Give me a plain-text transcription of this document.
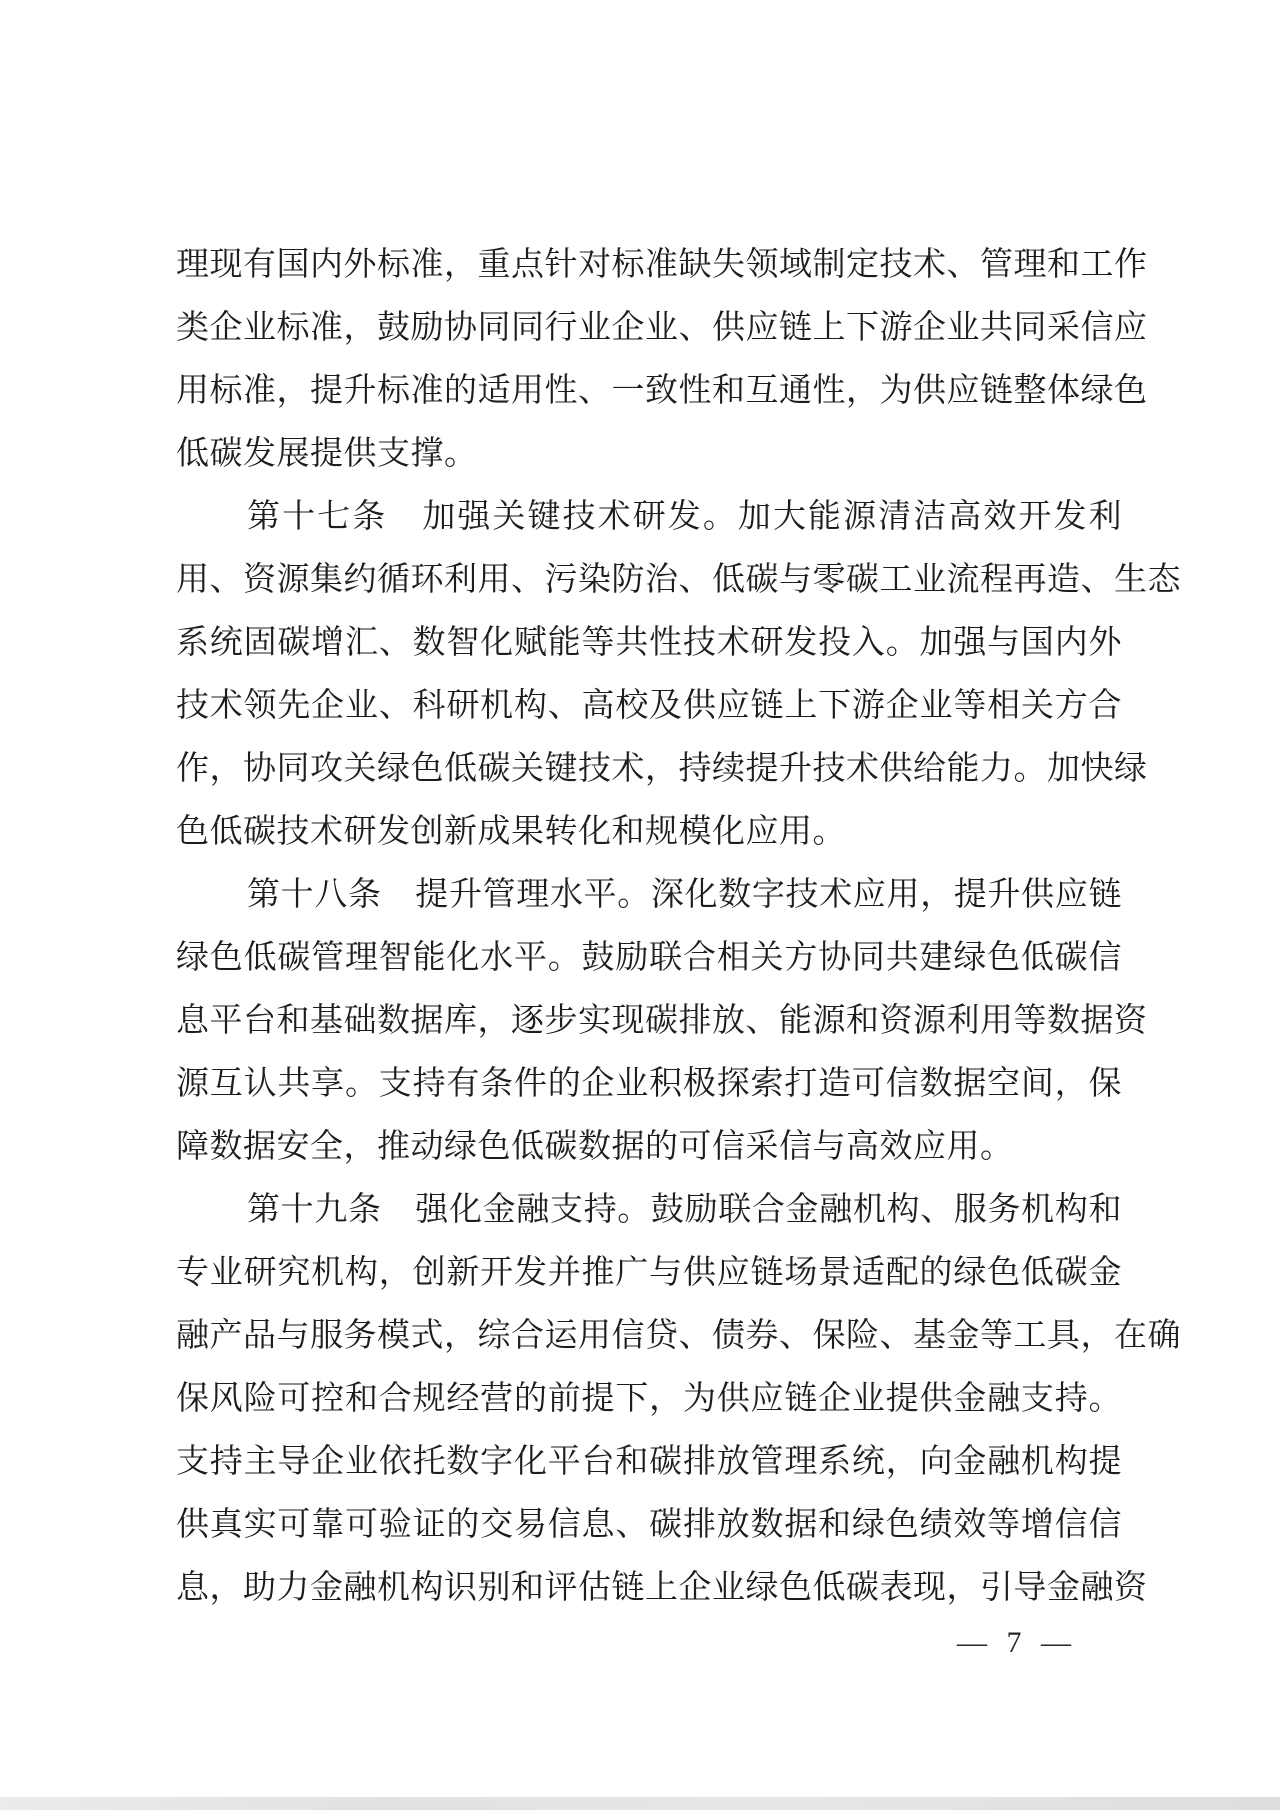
理现有国内外标准，重点针对标准缺失领域制定技术、管理和工作
类企业标准，鼓励协同同行业企业、供应链上下游企业共同采信应
用标准，提升标准的适用性、一致性和互通性，为供应链整体绿色
低碳发展提供支撑。
第十七条　加强关键技术研发。加大能源清洁高效开发利
用、资源集约循环利用、污染防治、低碳与零碳工业流程再造、生态
系统固碳增汇、数智化赋能等共性技术研发投入。加强与国内外
技术领先企业、科研机构、高校及供应链上下游企业等相关方合
作，协同攻关绿色低碳关键技术，持续提升技术供给能力。加快绿
色低碳技术研发创新成果转化和规模化应用。
第十八条　提升管理水平。深化数字技术应用，提升供应链
绿色低碳管理智能化水平。鼓励联合相关方协同共建绿色低碳信
息平台和基础数据库，逐步实现碳排放、能源和资源利用等数据资
源互认共享。支持有条件的企业积极探索打造可信数据空间，保
障数据安全，推动绿色低碳数据的可信采信与高效应用。
第十九条　强化金融支持。鼓励联合金融机构、服务机构和
专业研究机构，创新开发并推广与供应链场景适配的绿色低碳金
融产品与服务模式，综合运用信贷、债券、保险、基金等工具，在确
保风险可控和合规经营的前提下，为供应链企业提供金融支持。
支持主导企业依托数字化平台和碳排放管理系统，向金融机构提
供真实可靠可验证的交易信息、碳排放数据和绿色绩效等增信信
息，助力金融机构识别和评估链上企业绿色低碳表现，引导金融资
— 7 —
